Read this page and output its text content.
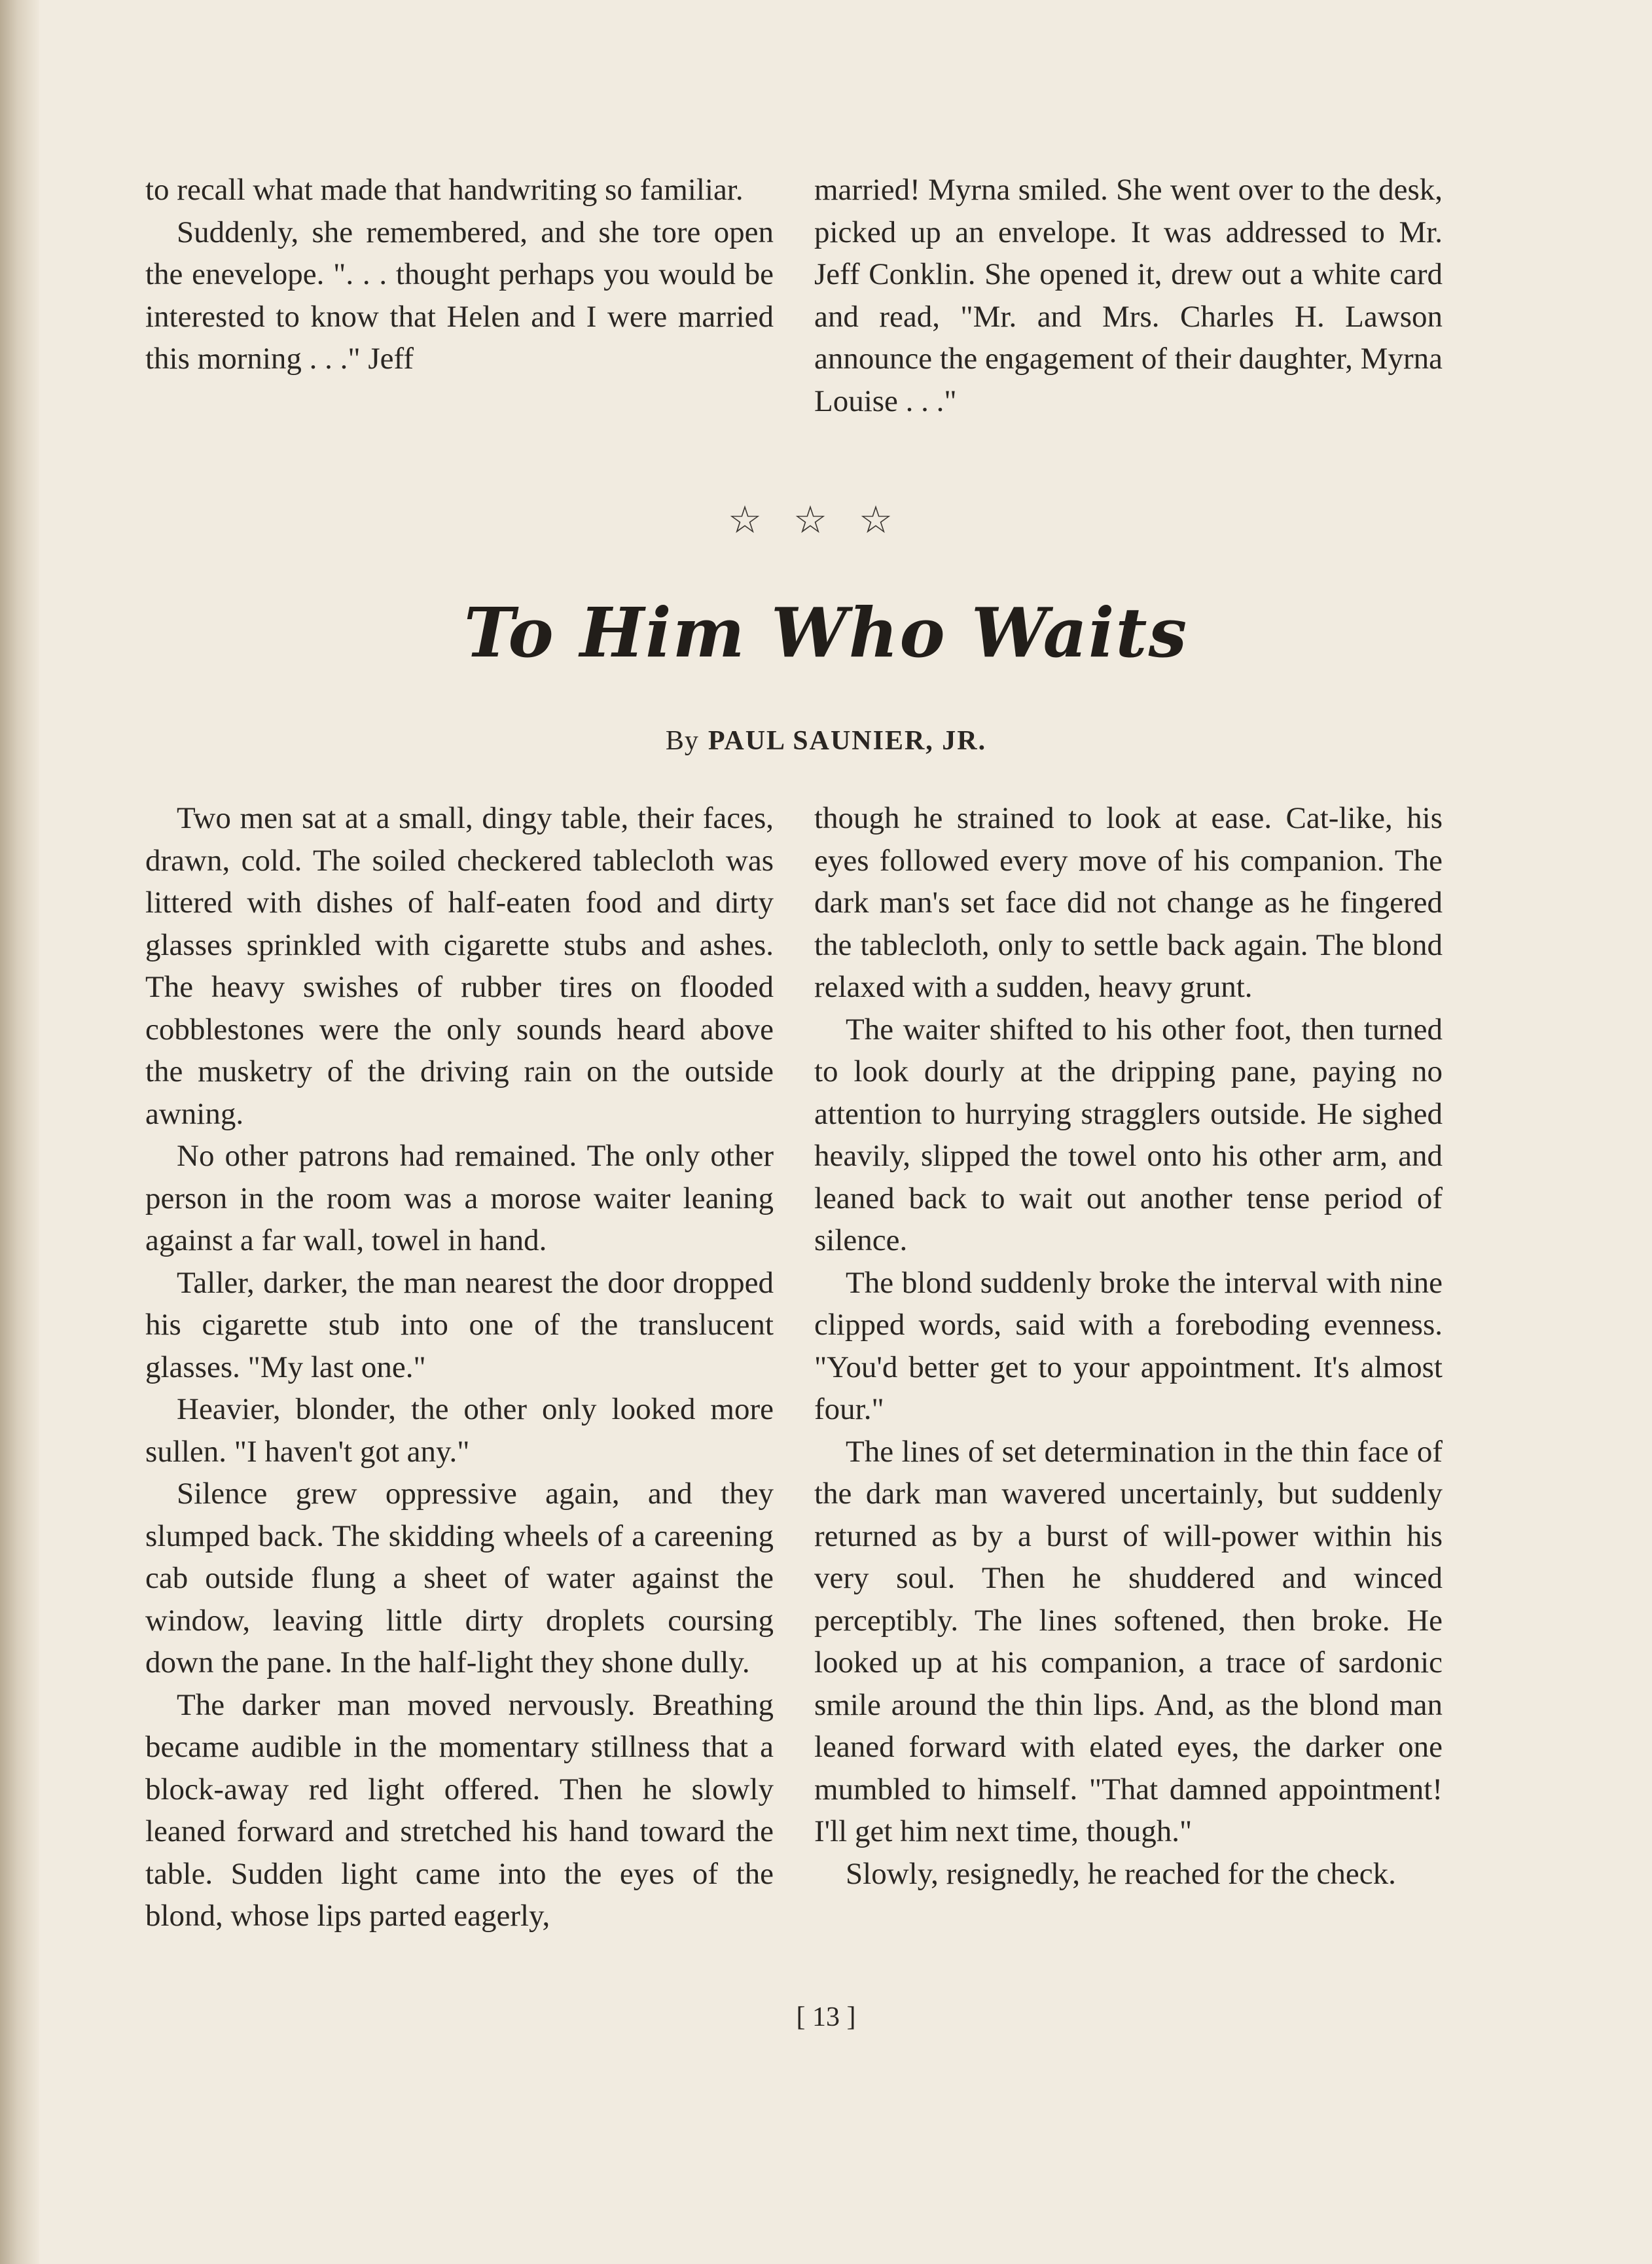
to recall what made that handwriting so familiar.

Suddenly, she remembered, and she tore open the enevelope. ". . . thought perhaps you would be interested to know that Helen and I were married this morning . . ." Jeff

married! Myrna smiled. She went over to the desk, picked up an envelope. It was addressed to Mr. Jeff Conklin. She opened it, drew out a white card and read, "Mr. and Mrs. Charles H. Lawson announce the engagement of their daughter, Myrna Louise . . ."

☆☆☆
To Him Who Waits
By PAUL SAUNIER, JR.

Two men sat at a small, dingy table, their faces, drawn, cold. The soiled checkered tablecloth was littered with dishes of half-eaten food and dirty glasses sprinkled with cigarette stubs and ashes. The heavy swishes of rubber tires on flooded cobblestones were the only sounds heard above the musketry of the driving rain on the outside awning.

No other patrons had remained. The only other person in the room was a morose waiter leaning against a far wall, towel in hand.

Taller, darker, the man nearest the door dropped his cigarette stub into one of the translucent glasses. "My last one."

Heavier, blonder, the other only looked more sullen. "I haven't got any."

Silence grew oppressive again, and they slumped back. The skidding wheels of a careening cab outside flung a sheet of water against the window, leaving little dirty droplets coursing down the pane. In the half-light they shone dully.

The darker man moved nervously. Breathing became audible in the momentary stillness that a block-away red light offered. Then he slowly leaned forward and stretched his hand toward the table. Sudden light came into the eyes of the blond, whose lips parted eagerly,

though he strained to look at ease. Cat-like, his eyes followed every move of his companion. The dark man's set face did not change as he fingered the tablecloth, only to settle back again. The blond relaxed with a sudden, heavy grunt.

The waiter shifted to his other foot, then turned to look dourly at the dripping pane, paying no attention to hurrying stragglers outside. He sighed heavily, slipped the towel onto his other arm, and leaned back to wait out another tense period of silence.

The blond suddenly broke the interval with nine clipped words, said with a foreboding evenness. "You'd better get to your appointment. It's almost four."

The lines of set determination in the thin face of the dark man wavered uncertainly, but suddenly returned as by a burst of will-power within his very soul. Then he shuddered and winced perceptibly. The lines softened, then broke. He looked up at his companion, a trace of sardonic smile around the thin lips. And, as the blond man leaned forward with elated eyes, the darker one mumbled to himself. "That damned appointment! I'll get him next time, though."

Slowly, resignedly, he reached for the check.

[ 13 ]
